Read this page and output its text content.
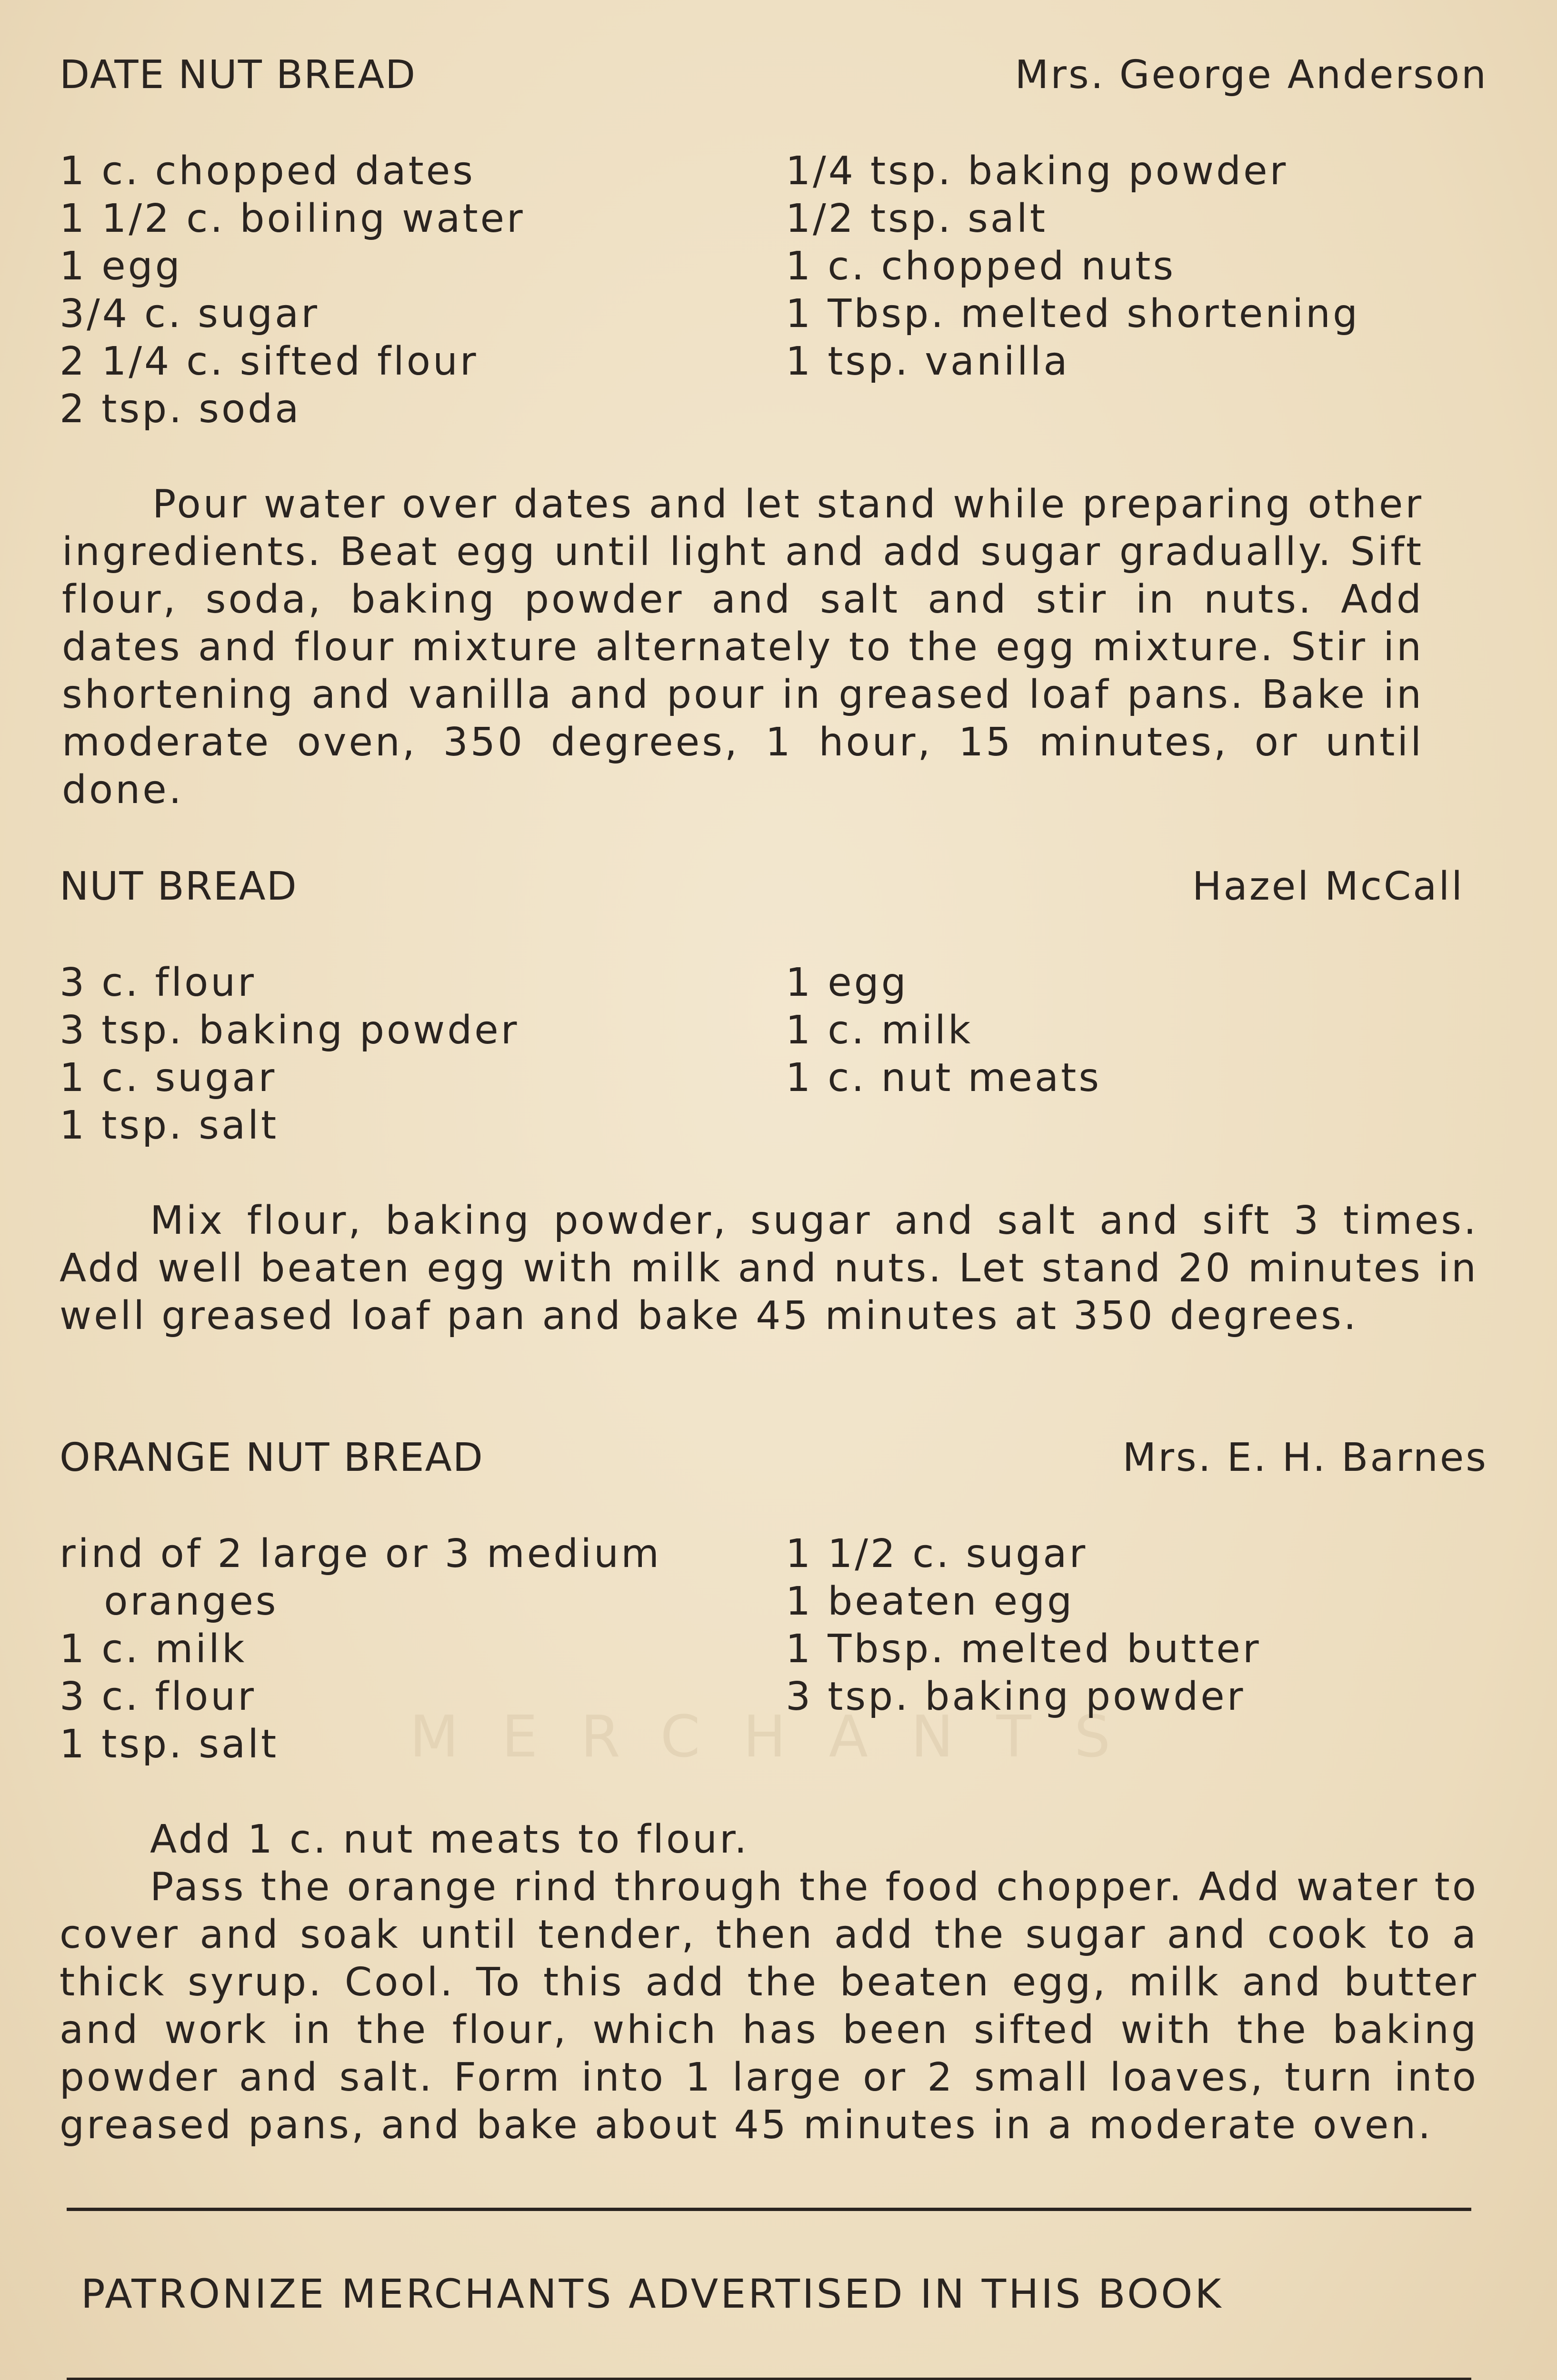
MERCHANTS
DATE NUT BREAD	Mrs. George Anderson
1 c. chopped dates
1 1/2 c. boiling water
1 egg
3/4 c. sugar
2 1/4 c. sifted flour
2 tsp. soda
1/4 tsp. baking powder
1/2 tsp. salt
1 c. chopped nuts
1 Tbsp. melted shortening
1 tsp. vanilla

Pour water over dates and let stand while preparing other ingredients. Beat egg until light and add sugar gradually. Sift flour, soda, baking powder and salt and stir in nuts. Add dates and flour mixture alternately to the egg mixture. Stir in shortening and vanilla and pour in greased loaf pans. Bake in moderate oven, 350 degrees, 1 hour, 15 minutes, or until done.

NUT BREAD	Hazel McCall
3 c. flour
3 tsp. baking powder
1 c. sugar
1 tsp. salt
1 egg
1 c. milk
1 c. nut meats

Mix flour, baking powder, sugar and salt and sift 3 times. Add well beaten egg with milk and nuts. Let stand 20 minutes in well greased loaf pan and bake 45 minutes at 350 degrees.

ORANGE NUT BREAD	Mrs. E. H. Barnes
rind of 2 large or 3 medium
oranges
1 c. milk
3 c. flour
1 tsp. salt
1 1/2 c. sugar
1 beaten egg
1 Tbsp. melted butter
3 tsp. baking powder

Add 1 c. nut meats to flour.

Pass the orange rind through the food chopper. Add water to cover and soak until tender, then add the sugar and cook to a thick syrup. Cool. To this add the beaten egg, milk and butter and work in the flour, which has been sifted with the baking powder and salt. Form into 1 large or 2 small loaves, turn into greased pans, and bake about 45 minutes in a moderate oven.

PATRONIZE MERCHANTS ADVERTISED IN THIS BOOK
